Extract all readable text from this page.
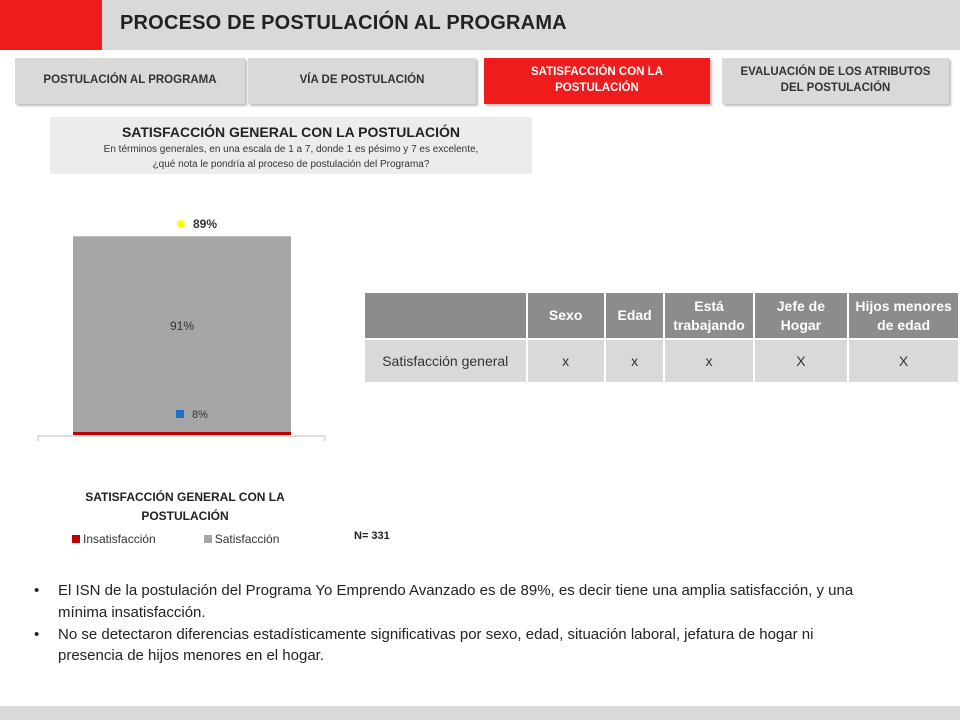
PROCESO DE POSTULACIÓN AL PROGRAMA
POSTULACIÓN AL PROGRAMA	VÍA DE POSTULACIÓN
SATISFACCIÓN CON LA POSTULACIÓN
EVALUACIÓN DE LOS ATRIBUTOS DEL POSTULACIÓN
SATISFACCIÓN GENERAL CON LA POSTULACIÓN
En términos generales, en una escala de 1 a 7, donde 1 es pésimo y 7 es excelente,
¿qué nota le pondría al proceso de postulación del Programa?
91%
89%
8%
SATISFACCIÓN GENERAL CON LA POSTULACIÓN
Insatisfacción	Satisfacción	N= 331
	Sexo	Edad	Está trabajando	Jefe de Hogar	Hijos menores de edad
Satisfacción general	x	x	x	X	X
•	El ISN de la postulación del Programa Yo Emprendo Avanzado es de 89%, es decir tiene una amplia satisfacción, y una mínima insatisfacción.
•	No se detectaron diferencias estadísticamente significativas por sexo, edad, situación laboral, jefatura de hogar ni presencia de hijos menores en el hogar.
